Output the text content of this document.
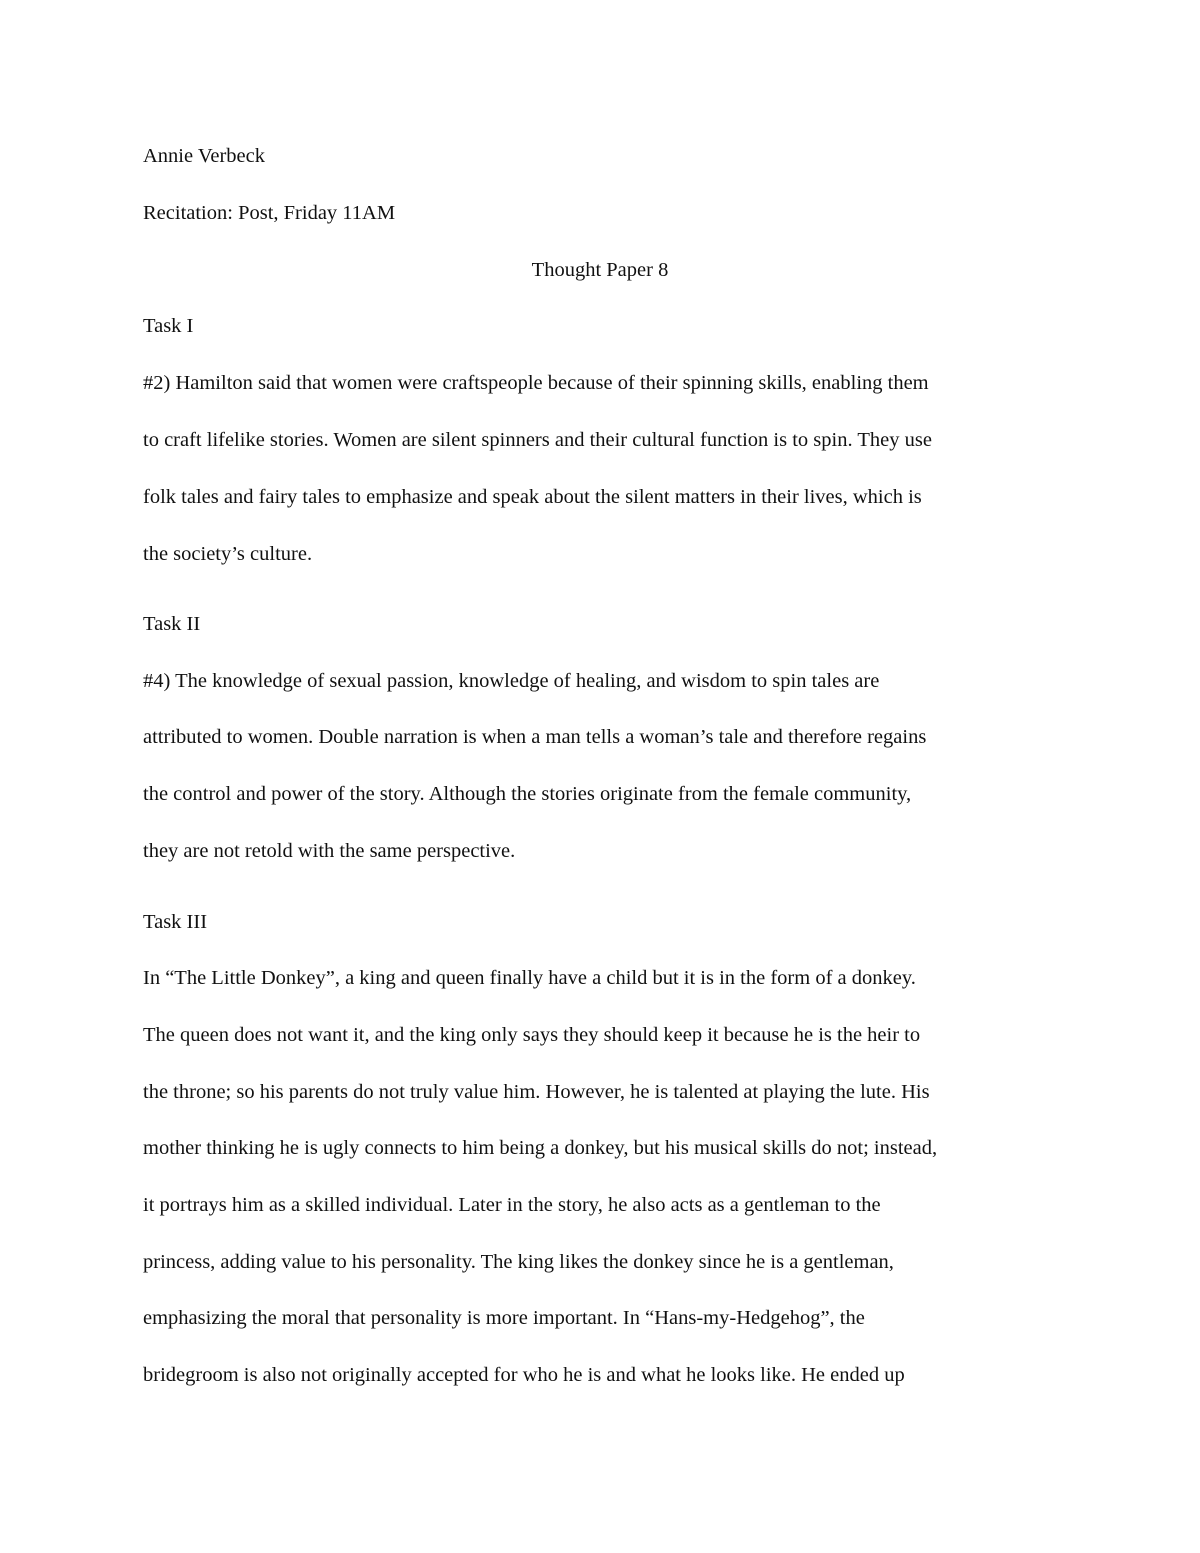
Annie Verbeck
Recitation: Post, Friday 11AM
Thought Paper 8
Task I
#2) Hamilton said that women were craftspeople because of their spinning skills, enabling them
to craft lifelike stories. Women are silent spinners and their cultural function is to spin. They use
folk tales and fairy tales to emphasize and speak about the silent matters in their lives, which is
the society’s culture.
Task II
#4) The knowledge of sexual passion, knowledge of healing, and wisdom to spin tales are
attributed to women. Double narration is when a man tells a woman’s tale and therefore regains
the control and power of the story. Although the stories originate from the female community,
they are not retold with the same perspective.
Task III
In “The Little Donkey”, a king and queen finally have a child but it is in the form of a donkey.
The queen does not want it, and the king only says they should keep it because he is the heir to
the throne; so his parents do not truly value him. However, he is talented at playing the lute. His
mother thinking he is ugly connects to him being a donkey, but his musical skills do not; instead,
it portrays him as a skilled individual. Later in the story, he also acts as a gentleman to the
princess, adding value to his personality. The king likes the donkey since he is a gentleman,
emphasizing the moral that personality is more important. In “Hans-my-Hedgehog”, the
bridegroom is also not originally accepted for who he is and what he looks like. He ended up
